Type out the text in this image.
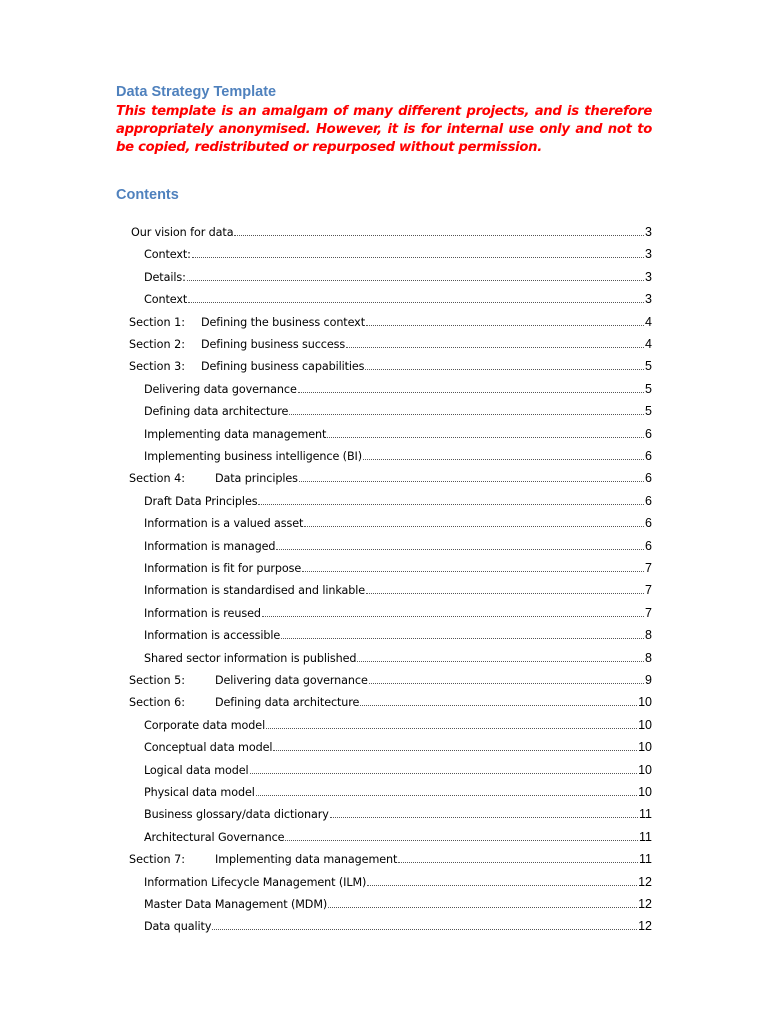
Data Strategy Template
This template is an amalgam of many different projects, and is therefore appropriately anonymised. However, it is for internal use only and not to be copied, redistributed or repurposed without permission.
Contents
Our vision for data	3
Context:	3
Details:	3
Context	3
Section 1:	Defining the business context	4
Section 2:	Defining business success	4
Section 3:	Defining business capabilities	5
Delivering data governance	5
Defining data architecture	5
Implementing data management	6
Implementing business intelligence (BI)	6
Section 4:	Data principles	6
Draft Data Principles	6
Information is a valued asset	6
Information is managed	6
Information is fit for purpose	7
Information is standardised and linkable	7
Information is reused	7
Information is accessible	8
Shared sector information is published	8
Section 5:	Delivering data governance	9
Section 6:	Defining data architecture	10
Corporate data model	10
Conceptual data model	10
Logical data model	10
Physical data model	10
Business glossary/data dictionary	11
Architectural Governance	11
Section 7:	Implementing data management	11
Information Lifecycle Management (ILM)	12
Master Data Management (MDM)	12
Data quality	12
